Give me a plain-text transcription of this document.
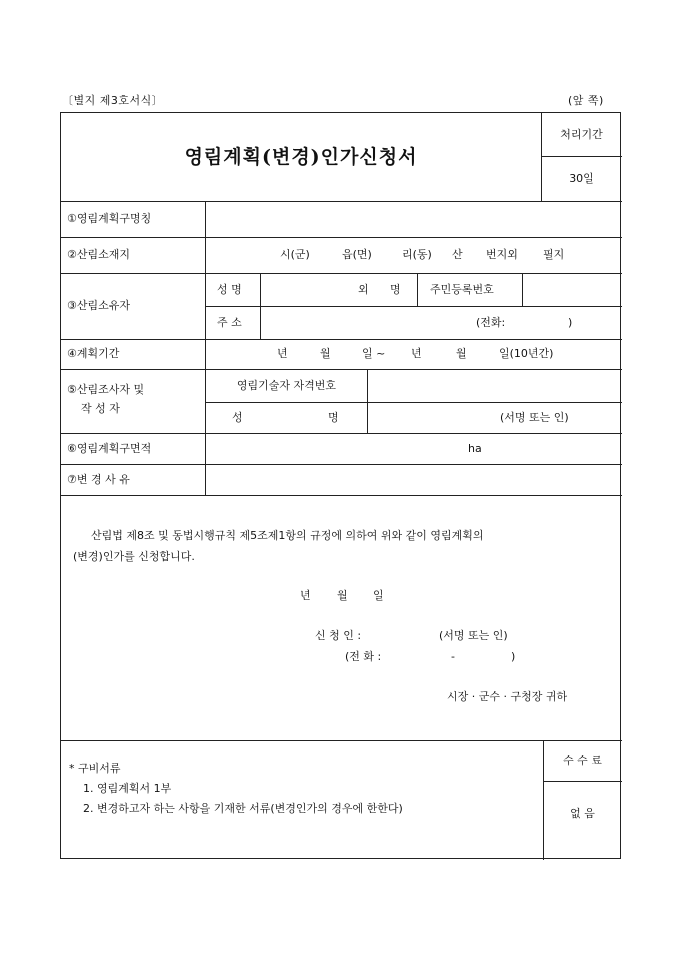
〔별지 제3호서식〕	(앞 쪽)
영림계획(변경)인가신청서
처리기간
30일
①영림계획구명칭
②산림소재지	시(군)	읍(면)	리(동) 산 번지외 필지
③산림소유자
성 명	외 명	주민등록번호
주 소	(전화:	)
④계획기간	년	월	일 ~ 년	월	일(10년간)
⑤산림조사자 및
작 성 자
영림기술자 자격번호
성	명	(서명 또는 인)
⑥영림계획구면적	ha
⑦변 경 사 유
산림법 제8조 및 동법시행규칙 제5조제1항의 규정에 의하여 위와 같이 영림계획의
(변경)인가를 신청합니다.
년 월 일
신 청 인 :	(서명 또는 인)
(전 화 :	-	)
시장 · 군수 · 구청장 귀하
* 구비서류
1. 영림계획서 1부
2. 변경하고자 하는 사항을 기재한 서류(변경인가의 경우에 한한다)
수 수 료
없 음
